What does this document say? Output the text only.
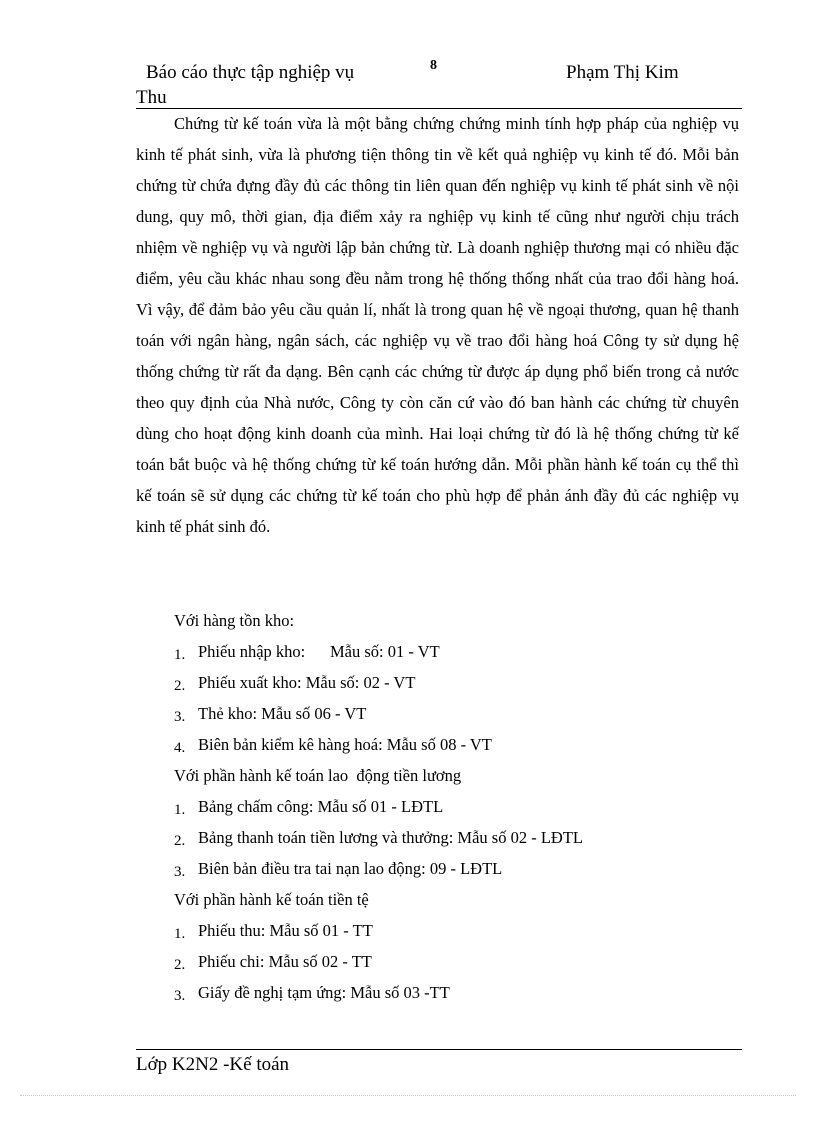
Báo cáo thực tập nghiệp vụ	8	Phạm Thị Kim
Thu
Chứng từ kế toán vừa là một bằng chứng chứng minh tính hợp pháp của nghiệp vụ kinh tế phát sinh, vừa là phương tiện thông tin về kết quả nghiệp vụ kinh tế đó. Mỗi bản chứng từ chứa đựng đầy đủ các thông tin liên quan đến nghiệp vụ kinh tế phát sinh về nội dung, quy mô, thời gian, địa điểm xảy ra nghiệp vụ kinh tế cũng như người chịu trách nhiệm về nghiệp vụ và người lập bản chứng từ. Là doanh nghiệp thương mại có nhiều đặc điểm, yêu cầu khác nhau song đều nằm trong hệ thống thống nhất của trao đổi hàng hoá. Vì vậy, để đảm bảo yêu cầu quản lí, nhất là trong quan hệ về ngoại thương, quan hệ thanh toán với ngân hàng, ngân sách, các nghiệp vụ về trao đổi hàng hoá Công ty sử dụng hệ thống chứng từ rất đa dạng. Bên cạnh các chứng từ được áp dụng phổ biến trong cả nước theo quy định của Nhà nước, Công ty còn căn cứ vào đó ban hành các chứng từ chuyên dùng cho hoạt động kinh doanh của mình. Hai loại chứng từ đó là hệ thống chứng từ kế toán bắt buộc và hệ thống chứng từ kế toán hướng dẫn. Mỗi phần hành kế toán cụ thể thì kế toán sẽ sử dụng các chứng từ kế toán cho phù hợp để phản ánh đầy đủ các nghiệp vụ kinh tế phát sinh đó.
Với hàng tồn kho:
1. Phiếu nhập kho:      Mẫu số: 01 - VT
2. Phiếu xuất kho: Mẫu số: 02 - VT
3. Thẻ kho: Mẫu số 06 - VT
4. Biên bản kiểm kê hàng hoá: Mẫu số 08 - VT
Với phần hành kế toán lao  động tiền lương
1. Bảng chấm công: Mẫu số 01 - LĐTL
2. Bảng thanh toán tiền lương và thưởng: Mẫu số 02 - LĐTL
3. Biên bản điều tra tai nạn lao động: 09 - LĐTL
Với phần hành kế toán tiền tệ
1. Phiếu thu: Mẫu số 01 - TT
2. Phiếu chi: Mẫu số 02 - TT
3. Giấy đề nghị tạm ứng: Mẫu số 03 -TT
Lớp K2N2 -Kế toán
